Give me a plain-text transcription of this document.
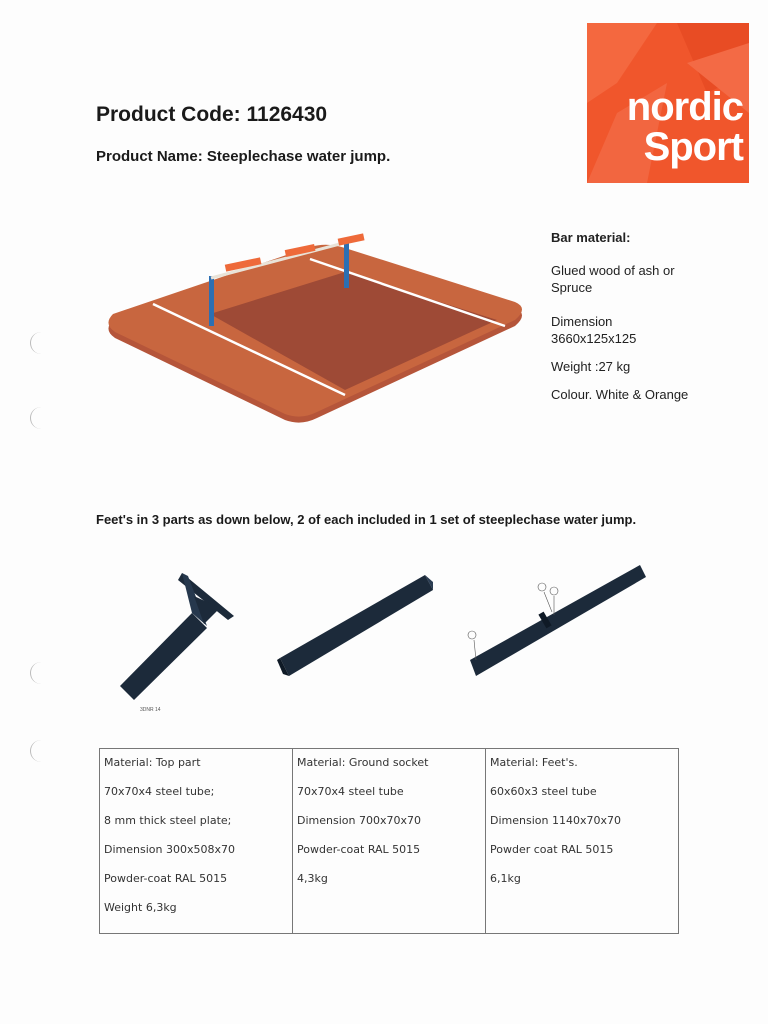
Product Code: 1126430
Product Name: Steeplechase water jump.
nordic
Sport
Bar material:
Glued wood of ash or Spruce
Dimension 3660x125x125
Weight :27 kg
Colour. White & Orange
Feet's in 3 parts as down below, 2 of each included in 1 set of steeplechase water jump.
3DNR 14
Material: Top part
70x70x4 steel tube;
8 mm thick steel plate;
Dimension 300x508x70
Powder-coat RAL 5015
Weight 6,3kg

Material: Ground socket
70x70x4 steel tube
Dimension 700x70x70
Powder-coat RAL 5015
4,3kg

Material: Feet's.
60x60x3 steel tube
Dimension 1140x70x70
Powder coat RAL 5015
6,1kg
